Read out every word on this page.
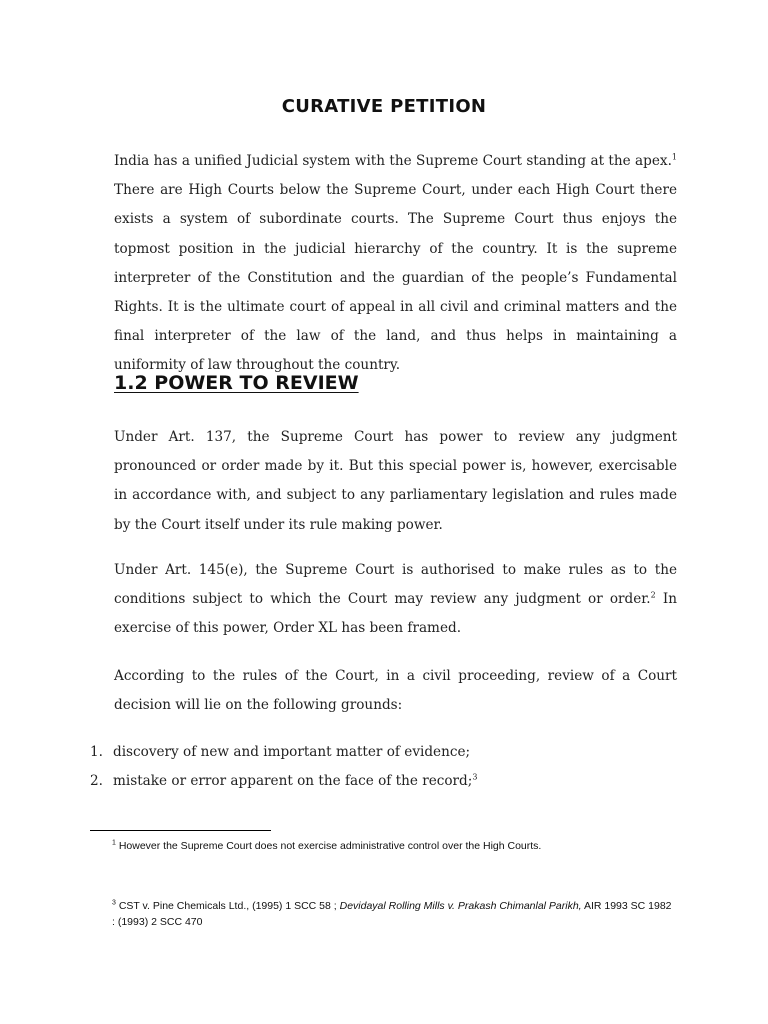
CURATIVE PETITION

India has a unified Judicial system with the Supreme Court standing at the apex.$^1$ There are High Courts below the Supreme Court, under each High Court there exists a system of subordinate courts. The Supreme Court thus enjoys the topmost position in the judicial hierarchy of the country. It is the supreme interpreter of the Constitution and the guardian of the people’s Fundamental Rights. It is the ultimate court of appeal in all civil and criminal matters and the final interpreter of the law of the land, and thus helps in maintaining a uniformity of law throughout the country.

1.2 POWER TO REVIEW

Under Art. 137, the Supreme Court has power to review any judgment pronounced or order made by it. But this special power is, however, exercisable in accordance with, and subject to any parliamentary legislation and rules made by the Court itself under its rule making power.

Under Art. 145(e), the Supreme Court is authorised to make rules as to the conditions subject to which the Court may review any judgment or order.$^2$ In exercise of this power, Order XL has been framed.

According to the rules of the Court, in a civil proceeding, review of a Court decision will lie on the following grounds:

1. discovery of new and important matter of evidence;
2. mistake or error apparent on the face of the record;$^3$
$^1$ However the Supreme Court does not exercise administrative control over the High Courts.
$^3$ CST v. Pine Chemicals Ltd., (1995) 1 SCC 58 ; Devidayal Rolling Mills v. Prakash Chimanlal Parikh, AIR 1993 SC 1982 : (1993) 2 SCC 470
